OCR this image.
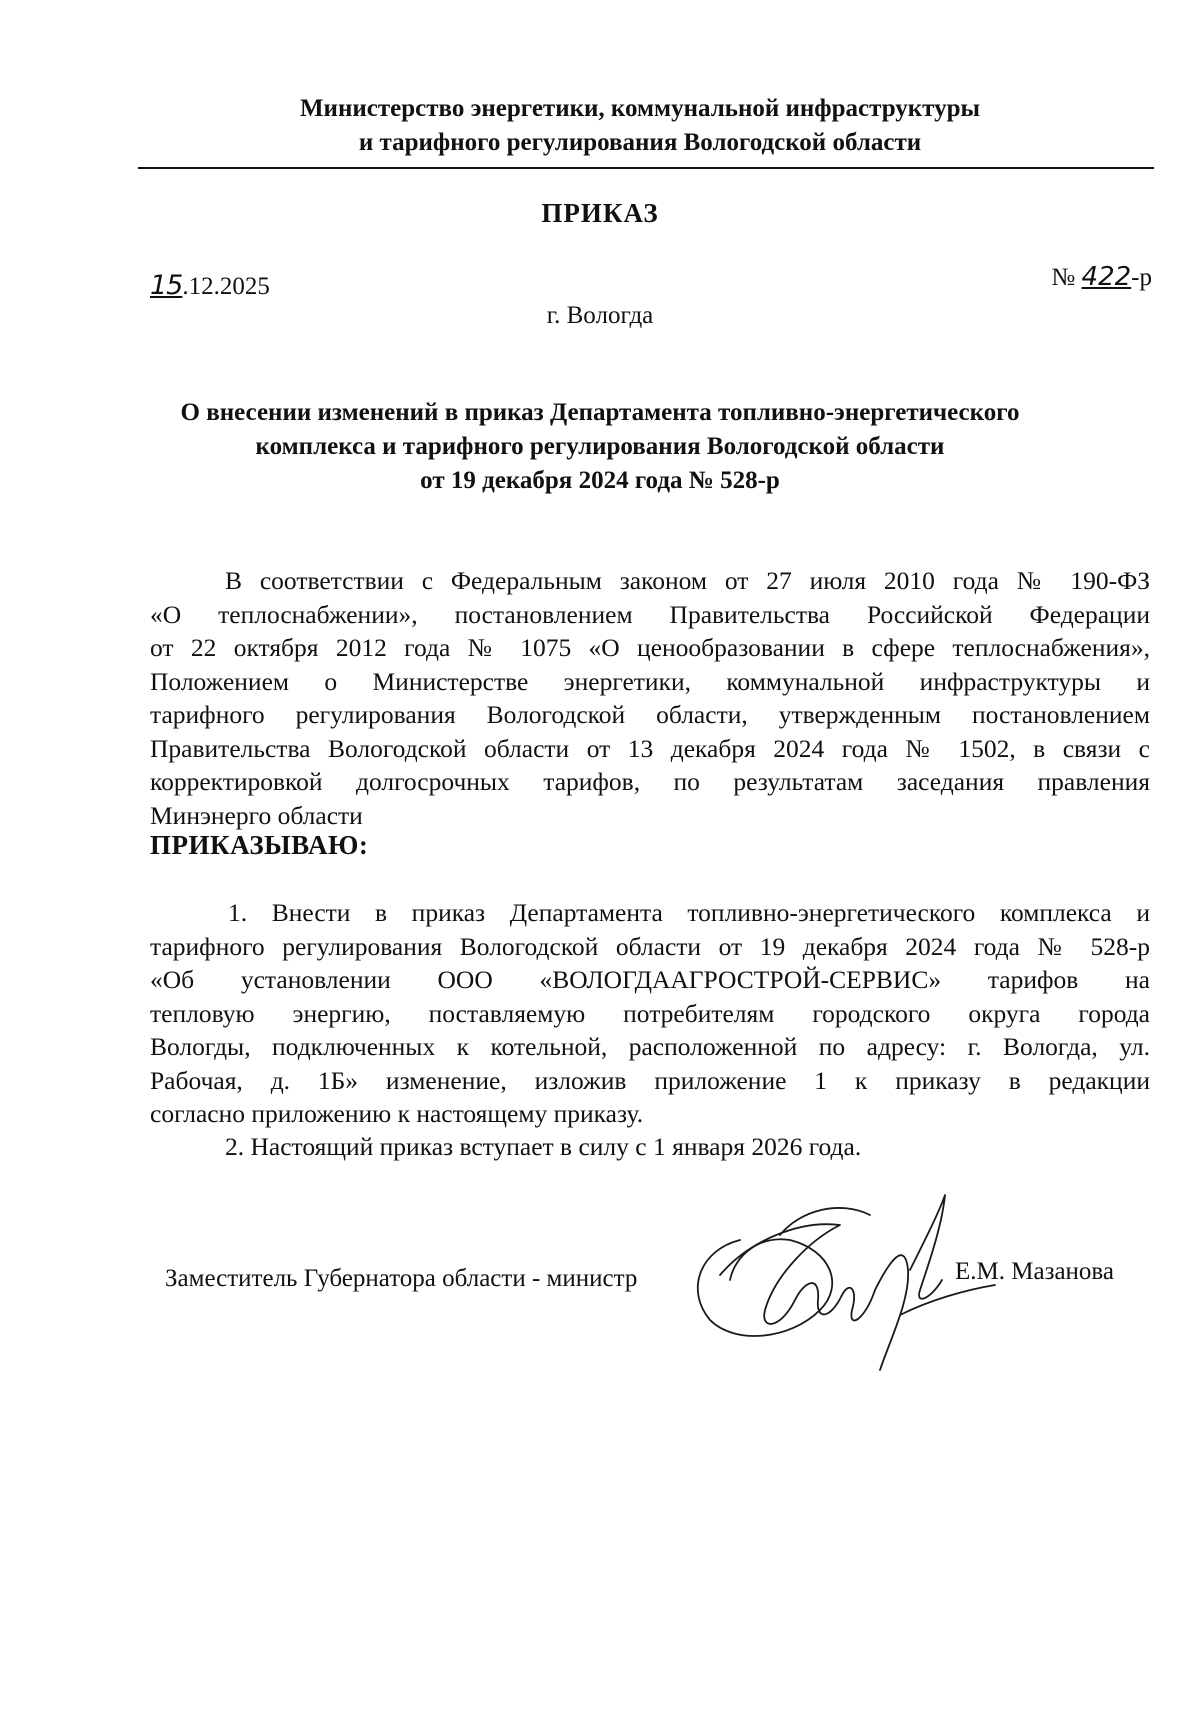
Министерство энергетики, коммунальной инфраструктуры
и тарифного регулирования Вологодской области
ПРИКАЗ
15.12.2025	№ 422-р
г. Вологда
О внесении изменений в приказ Департамента топливно-энергетического
комплекса и тарифного регулирования Вологодской области
от 19 декабря 2024 года № 528-р
В соответствии с Федеральным законом от 27 июля 2010 года № 190-ФЗ
«О теплоснабжении», постановлением Правительства Российской Федерации
от 22 октября 2012 года № 1075 «О ценообразовании в сфере теплоснабжения»,
Положением о Министерстве энергетики, коммунальной инфраструктуры и
тарифного регулирования Вологодской области, утвержденным постановлением
Правительства Вологодской области от 13 декабря 2024 года № 1502, в связи с
корректировкой долгосрочных тарифов, по результатам заседания правления
Минэнерго области
ПРИКАЗЫВАЮ:
1. Внести в приказ Департамента топливно-энергетического комплекса и
тарифного регулирования Вологодской области от 19 декабря 2024 года № 528-р
«Об установлении ООО «ВОЛОГДААГРОСТРОЙ-СЕРВИС» тарифов на
тепловую энергию, поставляемую потребителям городского округа города
Вологды, подключенных к котельной, расположенной по адресу: г. Вологда, ул.
Рабочая, д. 1Б» изменение, изложив приложение 1 к приказу в редакции
согласно приложению к настоящему приказу.
2. Настоящий приказ вступает в силу с 1 января 2026 года.
Заместитель Губернатора области - министр	Е.М. Мазанова
